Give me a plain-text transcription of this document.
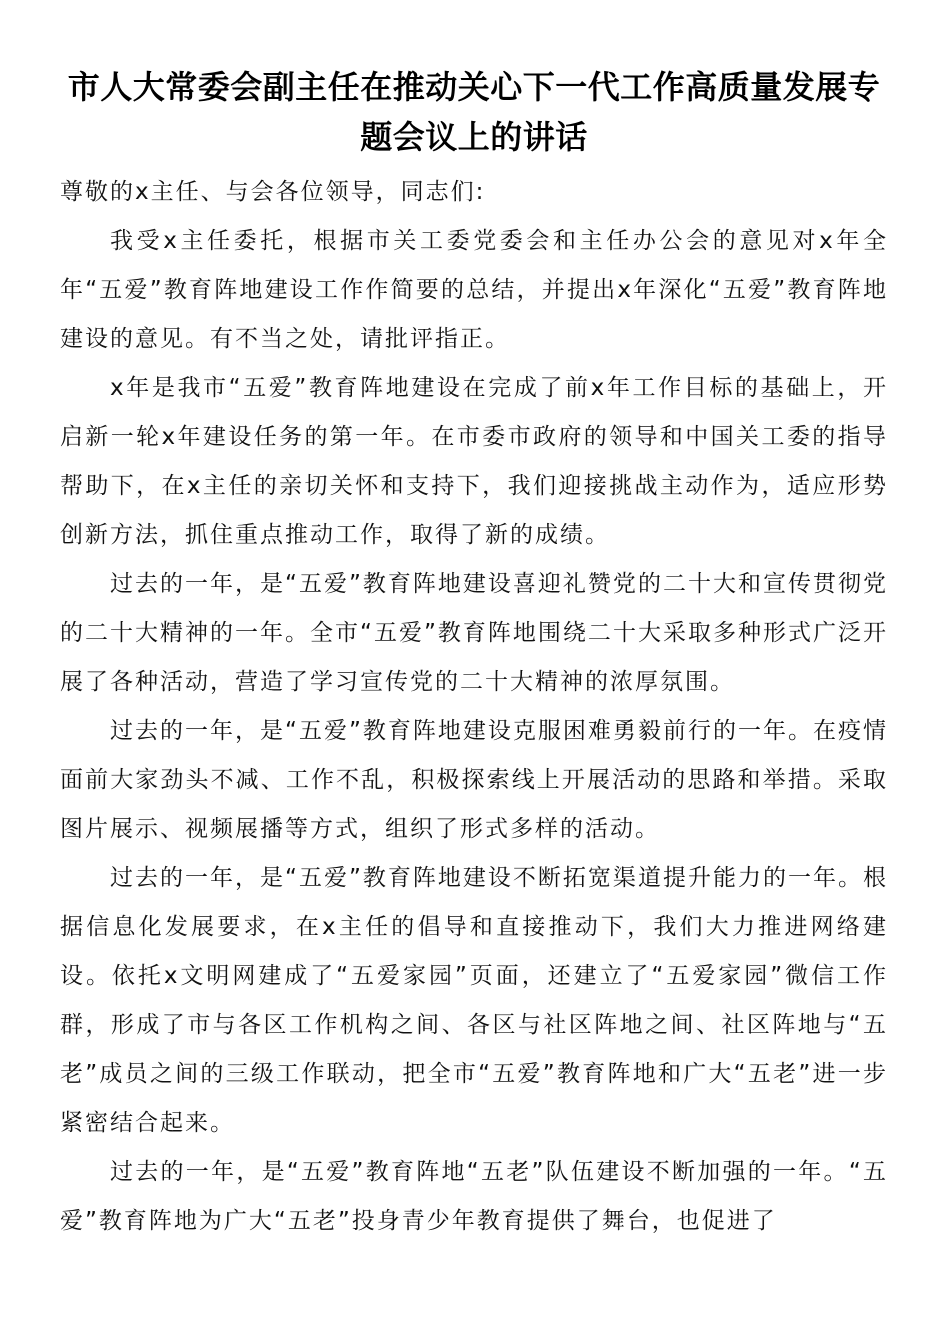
市人大常委会副主任在推动关心下一代工作高质量发展专题会议上的讲话

尊敬的x主任、与会各位领导，同志们:

我受x主任委托，根据市关工委党委会和主任办公会的意见对x年全年“五爱”教育阵地建设工作作简要的总结，并提出x年深化“五爱”教育阵地建设的意见。有不当之处，请批评指正。

x年是我市“五爱”教育阵地建设在完成了前x年工作目标的基础上，开启新一轮x年建设任务的第一年。在市委市政府的领导和中国关工委的指导帮助下，在x主任的亲切关怀和支持下，我们迎接挑战主动作为，适应形势创新方法，抓住重点推动工作，取得了新的成绩。

过去的一年，是“五爱”教育阵地建设喜迎礼赞党的二十大和宣传贯彻党的二十大精神的一年。全市“五爱”教育阵地围绕二十大采取多种形式广泛开展了各种活动，营造了学习宣传党的二十大精神的浓厚氛围。

过去的一年，是“五爱”教育阵地建设克服困难勇毅前行的一年。在疫情面前大家劲头不减、工作不乱，积极探索线上开展活动的思路和举措。采取图片展示、视频展播等方式，组织了形式多样的活动。

过去的一年，是“五爱”教育阵地建设不断拓宽渠道提升能力的一年。根据信息化发展要求，在x主任的倡导和直接推动下，我们大力推进网络建设。依托x文明网建成了“五爱家园”页面，还建立了“五爱家园”微信工作群，形成了市与各区工作机构之间、各区与社区阵地之间、社区阵地与“五老”成员之间的三级工作联动，把全市“五爱”教育阵地和广大“五老”进一步紧密结合起来。

过去的一年，是“五爱”教育阵地“五老”队伍建设不断加强的一年。“五爱”教育阵地为广大“五老”投身青少年教育提供了舞台，也促进了
